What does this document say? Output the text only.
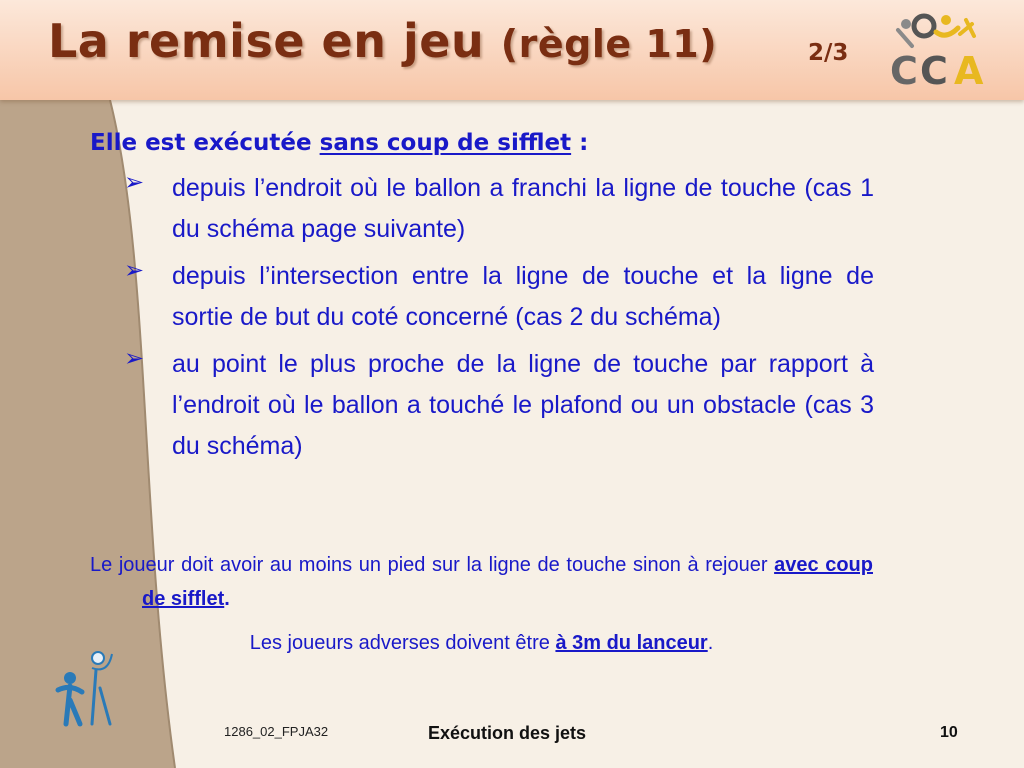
La remise en jeu (règle 11)	2/3 C C A

Elle est exécutée sans coup de sifflet :

➢ depuis l’endroit où le ballon a franchi la ligne de touche (cas 1 du schéma page suivante)
➢ depuis l’intersection entre la ligne de touche et la ligne de sortie de but du coté concerné (cas 2 du schéma)
➢ au point le plus proche de la ligne de touche par rapport à l’endroit où le ballon a touché le plafond ou un obstacle (cas 3 du schéma)

Le joueur doit avoir au moins un pied sur la ligne de touche sinon à rejouer avec coup de sifflet.

Les joueurs adverses doivent être à 3m du lanceur.

1286_02_FPJA32	Exécution des jets	10
